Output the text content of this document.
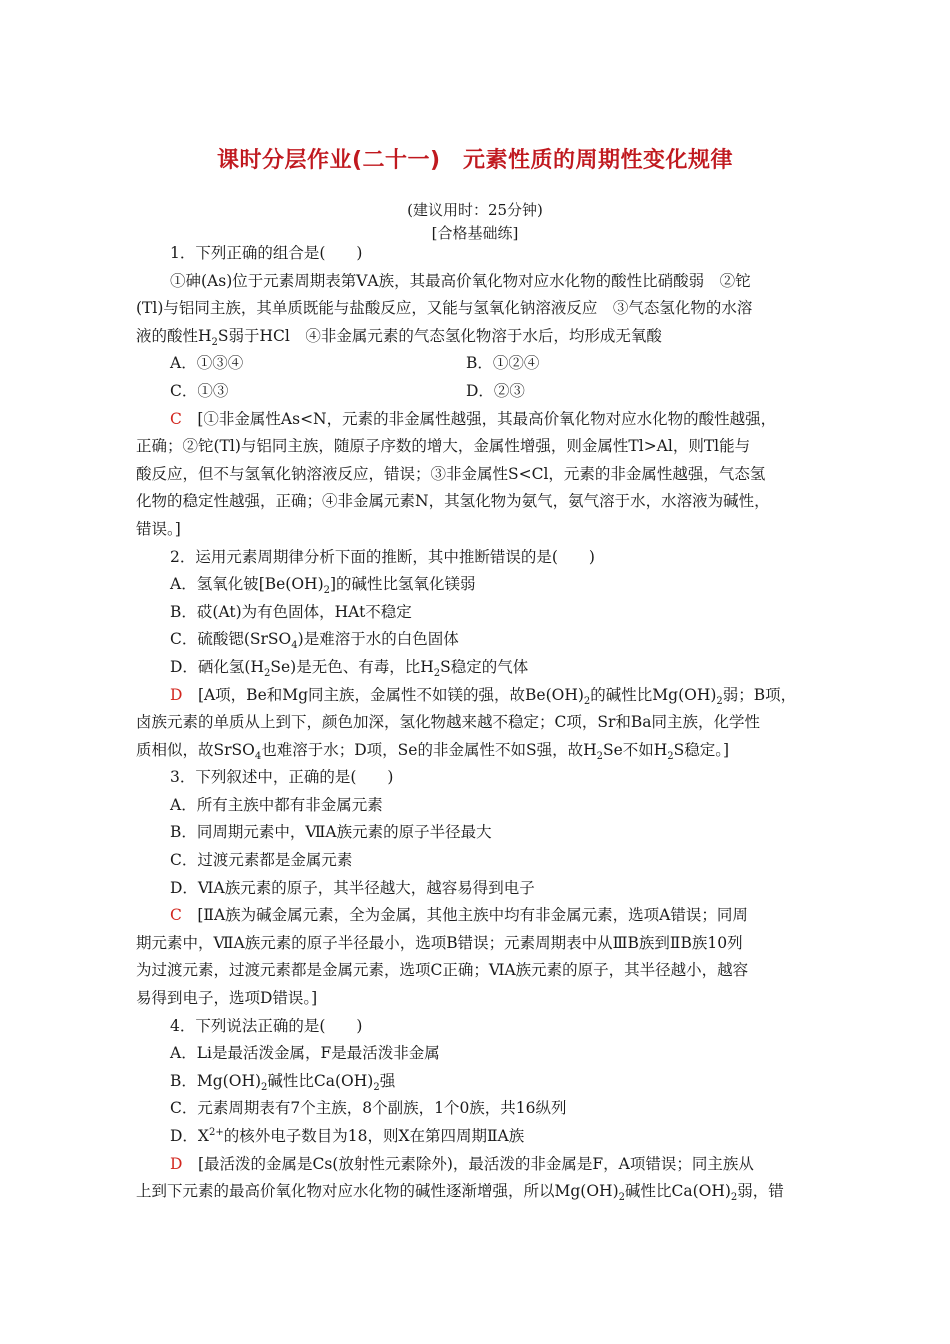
课时分层作业(二十一)　元素性质的周期性变化规律
(建议用时：25分钟)
[合格基础练]

1．下列正确的组合是(　　)

①砷(As)位于元素周期表第ⅤA族，其最高价氧化物对应水化物的酸性比硝酸弱　②铊

(Tl)与铝同主族，其单质既能与盐酸反应，又能与氢氧化钠溶液反应　③气态氢化物的水溶

液的酸性$H_2S$弱于HCl　④非金属元素的气态氢化物溶于水后，均形成无氧酸

A．①③④	B．①②④
C．①③	D．②③

C　[①非金属性As<N，元素的非金属性越强，其最高价氧化物对应水化物的酸性越强，

正确；②铊(Tl)与铝同主族，随原子序数的增大，金属性增强，则金属性Tl>Al，则Tl能与

酸反应，但不与氢氧化钠溶液反应，错误；③非金属性S<Cl，元素的非金属性越强，气态氢

化物的稳定性越强，正确；④非金属元素N，其氢化物为氨气，氨气溶于水，水溶液为碱性，

错误。]

2．运用元素周期律分析下面的推断，其中推断错误的是(　　)

A．氢氧化铍$[Be(OH)_2]$的碱性比氢氧化镁弱

B．砹(At)为有色固体，HAt不稳定

C．硫酸锶(SrSO$_4$)是难溶于水的白色固体

D．硒化氢$(H_2Se)$是无色、有毒，比$H_2S$稳定的气体

D　[A项，Be和Mg同主族，金属性不如镁的强，故$Be(OH)_2$的碱性比$Mg(OH)_2$弱；B项，

卤族元素的单质从上到下，颜色加深，氢化物越来越不稳定；C项，Sr和Ba同主族，化学性

质相似，故SrSO$_4$也难溶于水；D项，Se的非金属性不如S强，故$H_2Se$不如$H_2S$稳定。]

3．下列叙述中，正确的是(　　)

A．所有主族中都有非金属元素

B．同周期元素中，ⅦA族元素的原子半径最大

C．过渡元素都是金属元素

D．ⅥA族元素的原子，其半径越大，越容易得到电子

C　[ⅡA族为碱金属元素，全为金属，其他主族中均有非金属元素，选项A错误；同周

期元素中，ⅦA族元素的原子半径最小，选项B错误；元素周期表中从ⅢB族到ⅡB族10列

为过渡元素，过渡元素都是金属元素，选项C正确；ⅥA族元素的原子，其半径越小，越容

易得到电子，选项D错误。]

4．下列说法正确的是(　　)

A．Li是最活泼金属，F是最活泼非金属

B．$Mg(OH)_2$碱性比$Ca(OH)_2$强

C．元素周期表有7个主族，8个副族，1个0族，共16纵列

D．$X^{2+}$的核外电子数目为18，则X在第四周期ⅡA族

D　[最活泼的金属是Cs(放射性元素除外)，最活泼的非金属是F，A项错误；同主族从

上到下元素的最高价氧化物对应水化物的碱性逐渐增强，所以$Mg(OH)_2$碱性比$Ca(OH)_2$弱，错
